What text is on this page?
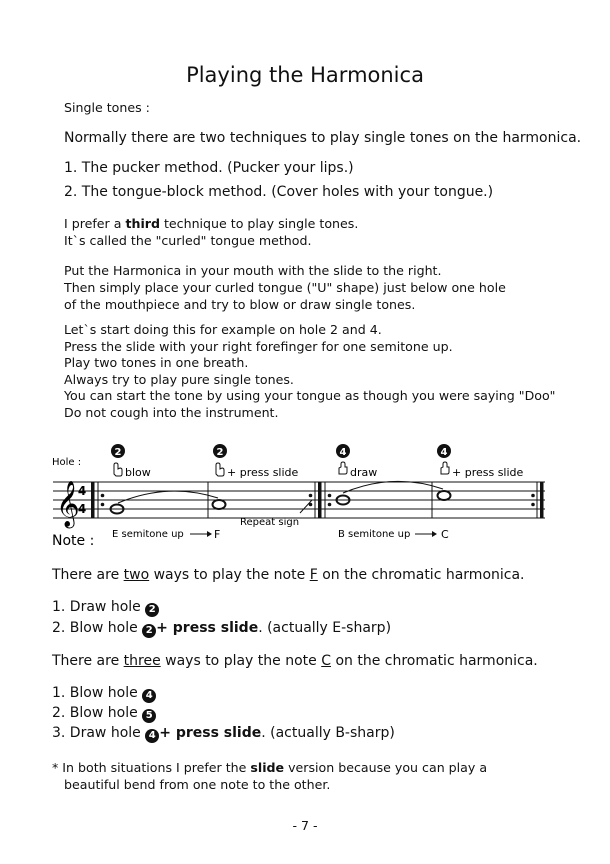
Playing the Harmonica
Single tones :
Normally there are two techniques to play single tones on the harmonica.
1. The pucker method. (Pucker your lips.)
2. The tongue-block method. (Cover holes with your tongue.)
I prefer a third technique to play single tones.
It`s called the "curled" tongue method.
Put the Harmonica in your mouth with the slide to the right.
Then simply place your curled tongue ("U" shape) just below one hole
of the mouthpiece and try to blow or draw single tones.
Let`s start doing this for example on hole 2 and 4.
Press the slide with your right forefinger for one semitone up.
Play two tones in one breath.
Always try to play pure single tones.
You can start the tone by using your tongue as though you were saying "Doo"
Do not cough into the instrument.
Hole :
2	2	4	4
blow	+ press slide	draw	+ press slide
𝄞
4
4
Repeat sign
Note : E semitone up	F	B semitone up	C
There are two ways to play the note F on the chromatic harmonica.
1. Draw hole 2
2. Blow hole 2 + press slide. (actually E-sharp)
There are three ways to play the note C on the chromatic harmonica.
1. Blow hole 4
2. Blow hole 5
3. Draw hole 4 + press slide. (actually B-sharp)
* In both situations I prefer the slide version because you can play a
beautiful bend from one note to the other.
- 7 -
